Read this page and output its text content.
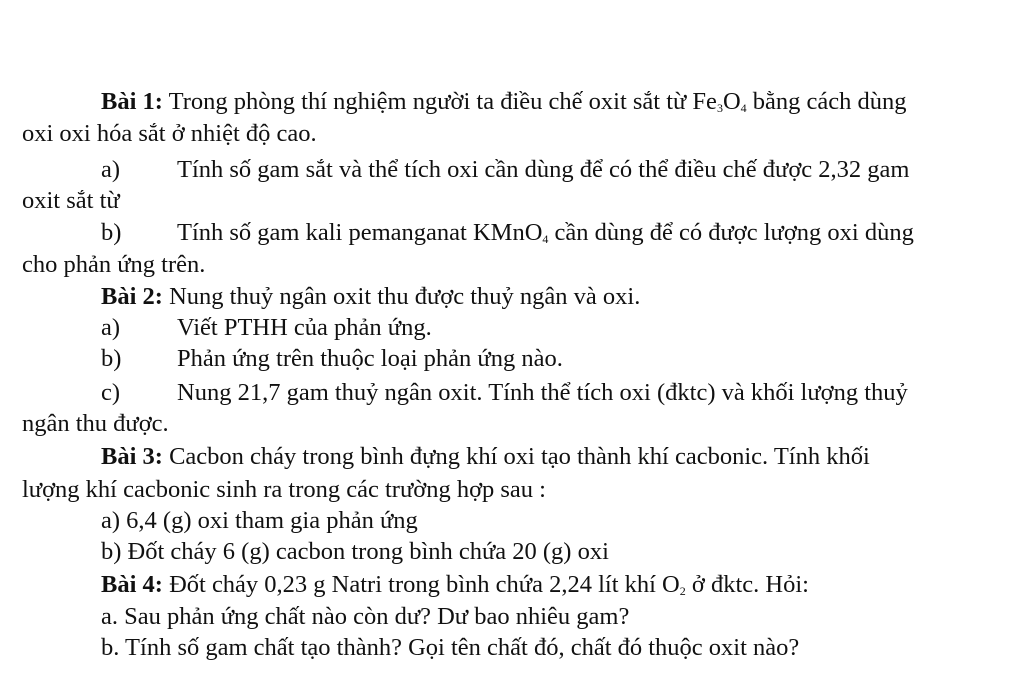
Bài 1: Trong phòng thí nghiệm người ta điều chế oxit sắt từ $Fe_3O_4$ bằng cách dùng
oxi oxi hóa sắt ở nhiệt độ cao.
a) Tính số gam sắt và thể tích oxi cần dùng để có thể điều chế được 2,32 gam
oxit sắt từ
b) Tính số gam kali pemanganat KMnO$_4$ cần dùng để có được lượng oxi dùng
cho phản ứng trên.
Bài 2: Nung thuỷ ngân oxit thu được thuỷ ngân và oxi.
a) Viết PTHH của phản ứng.
b) Phản ứng trên thuộc loại phản ứng nào.
c) Nung 21,7 gam thuỷ ngân oxit. Tính thể tích oxi (đktc) và khối lượng thuỷ
ngân thu được.
Bài 3: Cacbon cháy trong bình đựng khí oxi tạo thành khí cacbonic. Tính khối
lượng khí cacbonic sinh ra trong các trường hợp sau :
a) 6,4 (g) oxi tham gia phản ứng
b) Đốt cháy 6 (g) cacbon trong bình chứa 20 (g) oxi
Bài 4: Đốt cháy 0,23 g Natri trong bình chứa 2,24 lít khí $O_2$ ở đktc. Hỏi:
a. Sau phản ứng chất nào còn dư? Dư bao nhiêu gam?
b. Tính số gam chất tạo thành? Gọi tên chất đó, chất đó thuộc oxit nào?
